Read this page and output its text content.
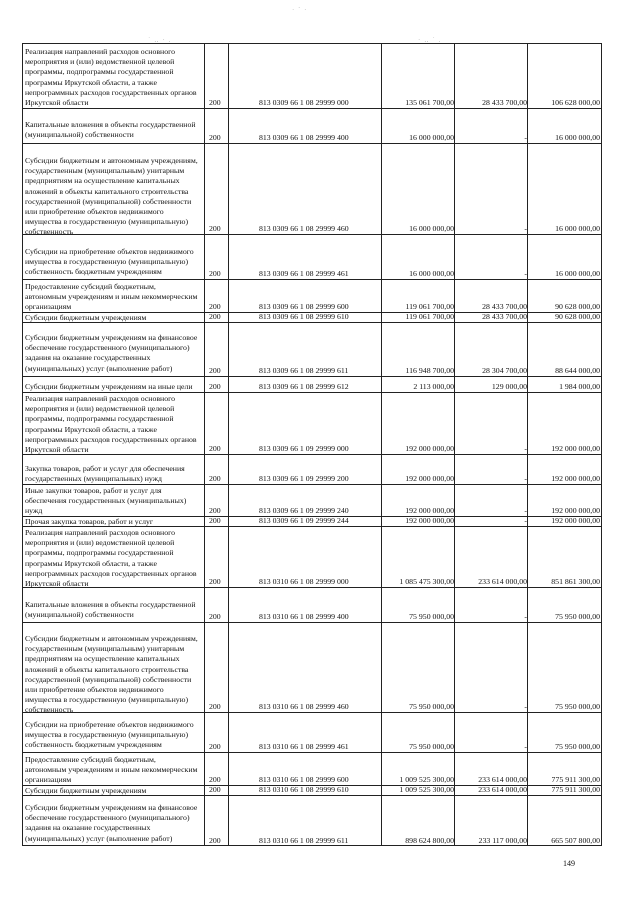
· ` ·
˙ ‥ · .	· ‥ ˙ .
Реализация направлений расходов основного
мероприятия и (или) ведомственной целевой
программы, подпрограммы государственной
программы Иркутской области, а также
непрограммных расходов государственных органов
Иркутской области	200	813 0309 66 1 08 29999 000	135 061 700,00	28 433 700,00	106 628 000,00
Капитальные вложения в объекты государственной
(муниципальной) собственности	200	813 0309 66 1 08 29999 400	16 000 000,00	-	16 000 000,00
Субсидии бюджетным и автономным учреждениям,
государственным (муниципальным) унитарным
предприятиям на осуществление капитальных
вложений в объекты капитального строительства
государственной (муниципальной) собственности
или приобретение объектов недвижимого
имущества в государственную (муниципальную)
собственность	200	813 0309 66 1 08 29999 460	16 000 000,00	-	16 000 000,00
Субсидии на приобретение объектов недвижимого
имущества в государственную (муниципальную)
собственность бюджетным учреждениям	200	813 0309 66 1 08 29999 461	16 000 000,00	-	16 000 000,00
Предоставление субсидий бюджетным,
автономным учреждениям и иным некоммерческим
организациям	200	813 0309 66 1 08 29999 600	119 061 700,00	28 433 700,00	90 628 000,00
Субсидии бюджетным учреждениям	200	813 0309 66 1 08 29999 610	119 061 700,00	28 433 700,00	90 628 000,00
Субсидии бюджетным учреждениям на финансовое
обеспечение государственного (муниципального)
задания на оказание государственных
(муниципальных) услуг (выполнение работ)	200	813 0309 66 1 08 29999 611	116 948 700,00	28 304 700,00	88 644 000,00
Субсидии бюджетным учреждениям на иные цели	200	813 0309 66 1 08 29999 612	2 113 000,00	129 000,00	1 984 000,00
Реализация направлений расходов основного
мероприятия и (или) ведомственной целевой
программы, подпрограммы государственной
программы Иркутской области, а также
непрограммных расходов государственных органов
Иркутской области	200	813 0309 66 1 09 29999 000	192 000 000,00	-	192 000 000,00
Закупка товаров, работ и услуг для обеспечения
государственных (муниципальных) нужд	200	813 0309 66 1 09 29999 200	192 000 000,00	-	192 000 000,00
Иные закупки товаров, работ и услуг для
обеспечения государственных (муниципальных)
нужд	200	813 0309 66 1 09 29999 240	192 000 000,00	-	192 000 000,00
Прочая закупка товаров, работ и услуг	200	813 0309 66 1 09 29999 244	192 000 000,00	-	192 000 000,00
Реализация направлений расходов основного
мероприятия и (или) ведомственной целевой
программы, подпрограммы государственной
программы Иркутской области, а также
непрограммных расходов государственных органов
Иркутской области	200	813 0310 66 1 08 29999 000	1 085 475 300,00	233 614 000,00	851 861 300,00
Капитальные вложения в объекты государственной
(муниципальной) собственности	200	813 0310 66 1 08 29999 400	75 950 000,00	-	75 950 000,00
Субсидии бюджетным и автономным учреждениям,
государственным (муниципальным) унитарным
предприятиям на осуществление капитальных
вложений в объекты капитального строительства
государственной (муниципальной) собственности
или приобретение объектов недвижимого
имущества в государственную (муниципальную)
собственность	200	813 0310 66 1 08 29999 460	75 950 000,00	-	75 950 000,00
Субсидии на приобретение объектов недвижимого
имущества в государственную (муниципальную)
собственность бюджетным учреждениям	200	813 0310 66 1 08 29999 461	75 950 000,00	-	75 950 000,00
Предоставление субсидий бюджетным,
автономным учреждениям и иным некоммерческим
организациям	200	813 0310 66 1 08 29999 600	1 009 525 300,00	233 614 000,00	775 911 300,00
Субсидии бюджетным учреждениям	200	813 0310 66 1 08 29999 610	1 009 525 300,00	233 614 000,00	775 911 300,00
Субсидии бюджетным учреждениям на финансовое
обеспечение государственного (муниципального)
задания на оказание государственных
(муниципальных) услуг (выполнение работ)	200	813 0310 66 1 08 29999 611	898 624 800,00	233 117 000,00	665 507 800,00
149
